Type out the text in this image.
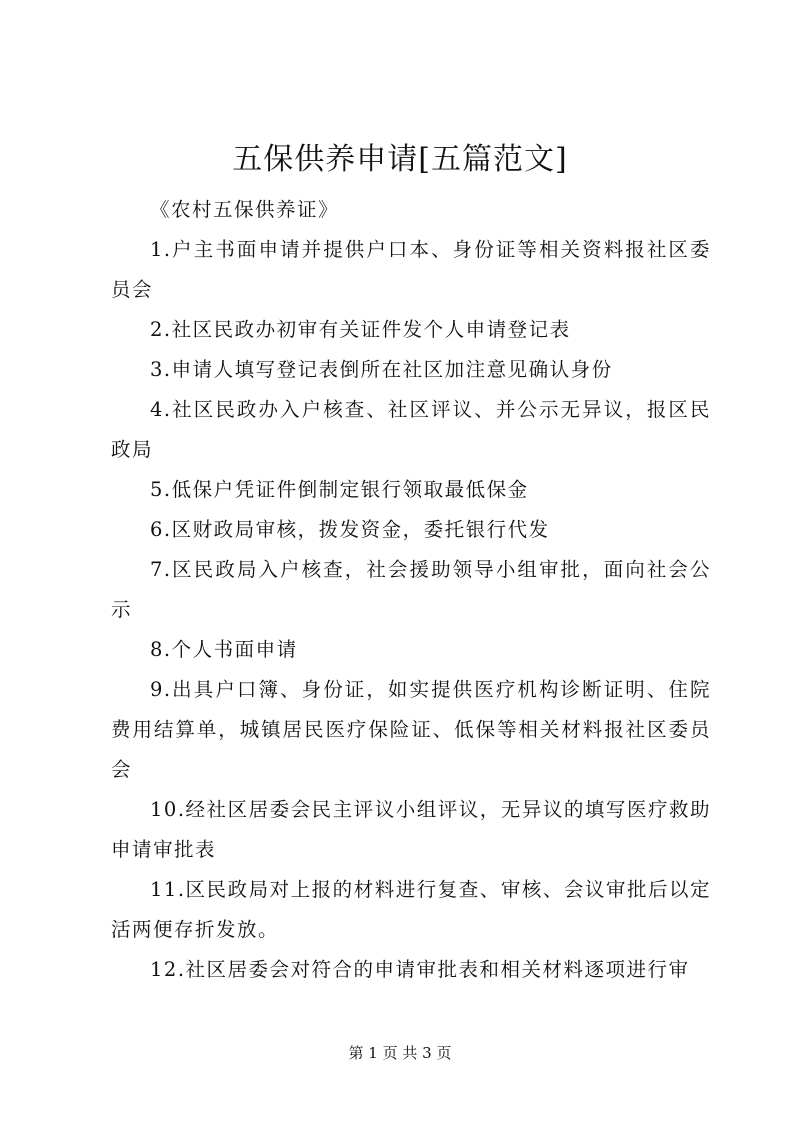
五保供养申请[五篇范文]

《农村五保供养证》

1.户主书面申请并提供户口本、身份证等相关资料报社区委员会

2.社区民政办初审有关证件发个人申请登记表

3.申请人填写登记表倒所在社区加注意见确认身份

4.社区民政办入户核查、社区评议、并公示无异议，报区民政局

5.低保户凭证件倒制定银行领取最低保金

6.区财政局审核，拨发资金，委托银行代发

7.区民政局入户核查，社会援助领导小组审批，面向社会公示

8.个人书面申请

9.出具户口簿、身份证，如实提供医疗机构诊断证明、住院费用结算单，城镇居民医疗保险证、低保等相关材料报社区委员会

10.经社区居委会民主评议小组评议，无异议的填写医疗救助申请审批表

11.区民政局对上报的材料进行复查、审核、会议审批后以定活两便存折发放。

12.社区居委会对符合的申请审批表和相关材料逐项进行审

第 1 页 共 3 页
